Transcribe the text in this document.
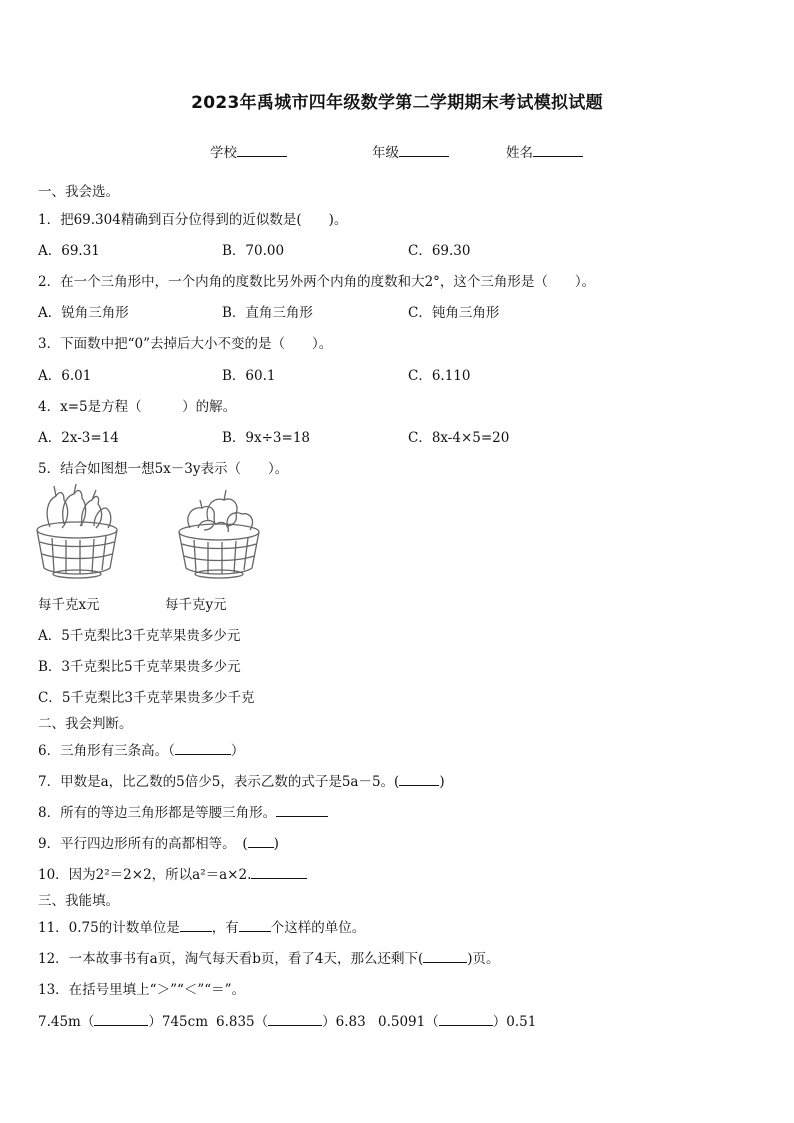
2023年禹城市四年级数学第二学期期末考试模拟试题
学校	年级	姓名
一、我会选。
1．把69.304精确到百分位得到的近似数是(　　)。
A．69.31	B．70.00	C．69.30
2．在一个三角形中，一个内角的度数比另外两个内角的度数和大2°，这个三角形是（　　）。
A．锐角三角形	B．直角三角形	C．钝角三角形
3．下面数中把“0”去掉后大小不变的是（　　）。
A．6.01	B．60.1	C．6.110
4．x=5是方程（　　　）的解。
A．2x-3=14	B．9x÷3=18	C．8x-4×5=20
5．结合如图想一想5x－3y表示（　　）。
每千克x元	每千克y元
A．5千克梨比3千克苹果贵多少元
B．3千克梨比5千克苹果贵多少元
C．5千克梨比3千克苹果贵多少千克
二、我会判断。
6．三角形有三条高。（	）
7．甲数是a，比乙数的5倍少5，表示乙数的式子是5a－5。(	)
8．所有的等边三角形都是等腰三角形。
9．平行四边形所有的高都相等。　( )
10．因为2²＝2×2，所以a²＝a×2.
三、我能填。
11．0.75的计数单位是 ，有 个这样的单位。
12．一本故事书有a页，淘气每天看b页，看了4天，那么还剩下(	)页。
13．在括号里填上“＞”“＜”“＝”。
7.45m（	）745cm 6.835（	）6.83 0.5091（	）0.51
